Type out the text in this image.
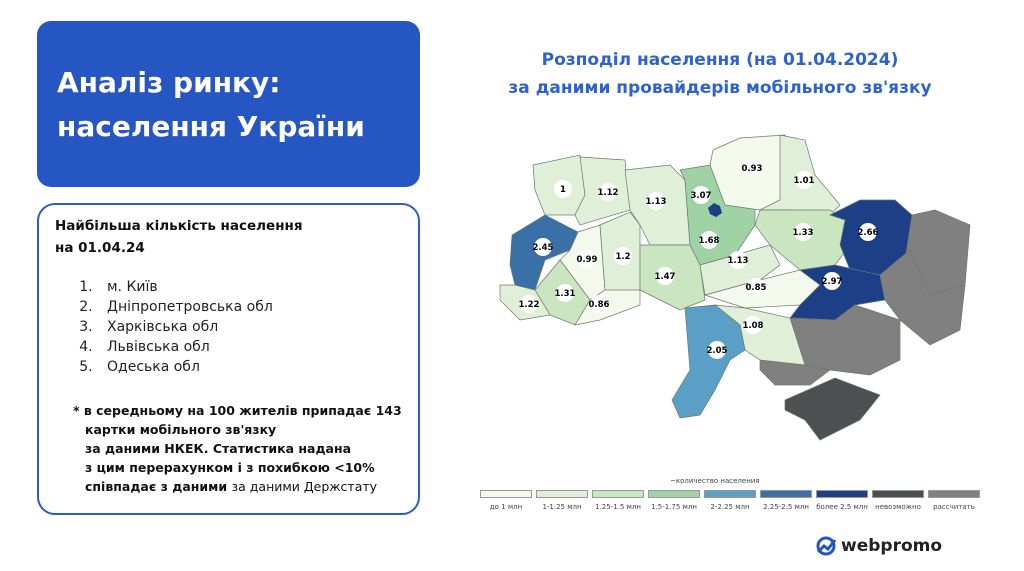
Аналіз ринку:
населення України
Найбільша кількість населення
на 01.04.24
1. м. Київ
2. Дніпропетровська обл
3. Харківська обл
4. Львівська обл
5. Одеська обл
* в середньому на 100 жителів припадає 143
картки мобільного зв'язку
за даними НКЕК. Статистика надана
з цим перерахунком і з похибкою <10%
співпадає з даними за даними Держстату
Розподіл населення (на 01.04.2024)
за даними провайдерів мобільного зв'язку
1	1.12
1.13
1.68
0.93
1.01
1.33	2.66
2.45
0.99 1.2
1.47
1.13
0.85
2.97
1.08
2.05
1.31
1.22	0.86
3.07
~количество населения
до 1 млн	1-1.25 млн	1.25-1.5 млн	1.5-1.75 млн	2-2.25 млн	2.25-2.5 млн	более 2.5 млн	невозможно	рассчитать
webpromo
